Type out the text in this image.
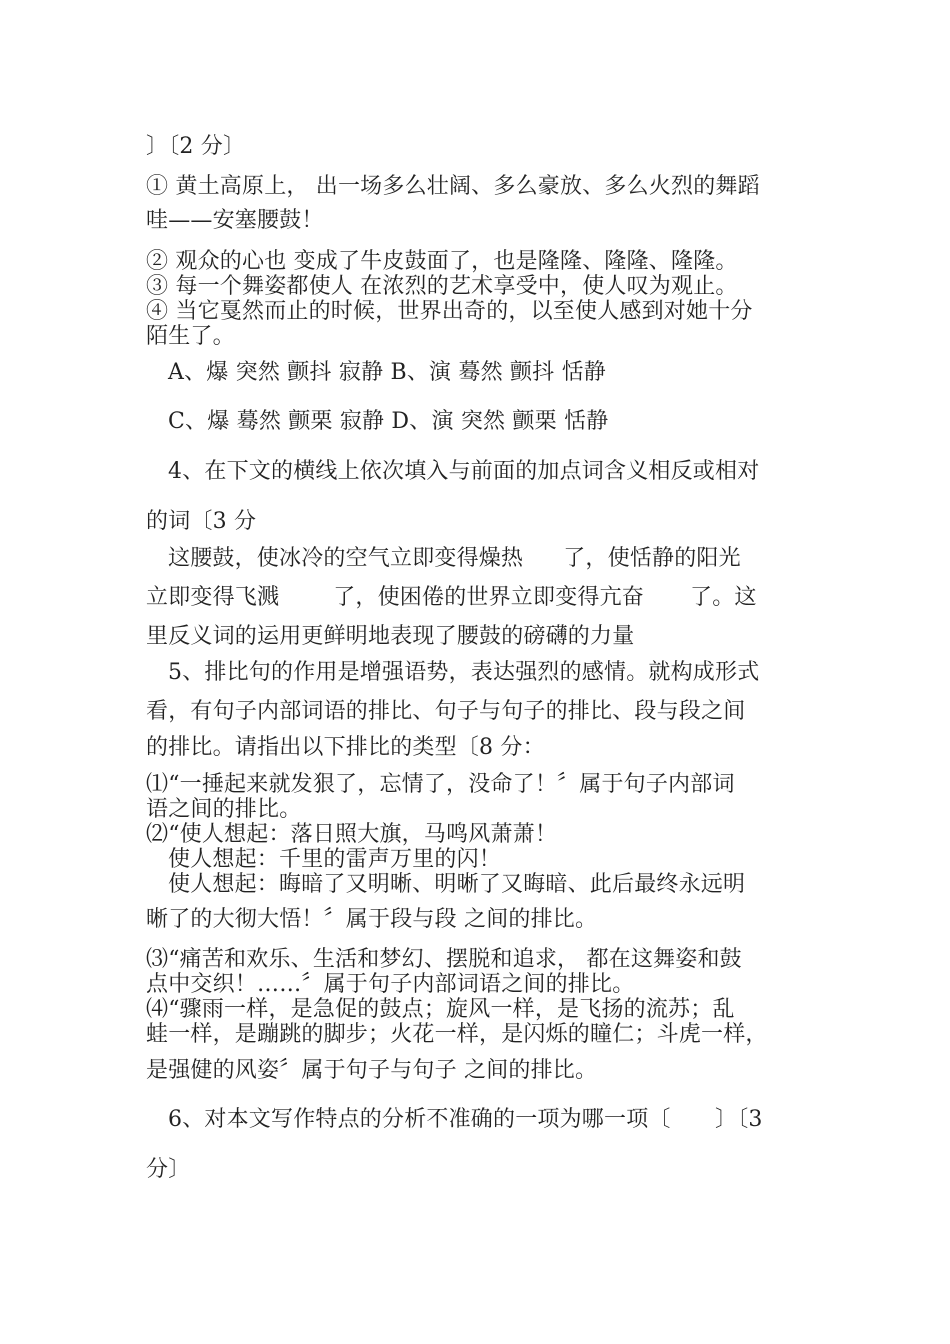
〕〔2 分〕
① 黄土高原上， 出一场多么壮阔、多么豪放、多么火烈的舞蹈
哇——安塞腰鼓！
② 观众的心也 变成了牛皮鼓面了，也是隆隆、隆隆、隆隆。
③ 每一个舞姿都使人 在浓烈的艺术享受中，使人叹为观止。
④ 当它戛然而止的时候，世界出奇的，以至使人感到对她十分
陌生了。
A、爆 突然 颤抖 寂静 B、演 蓦然 颤抖 恬静
C、爆 蓦然 颤栗 寂静 D、演 突然 颤栗 恬静
4、在下文的横线上依次填入与前面的加点词含义相反或相对
的词〔3 分
这腰鼓，使冰冷的空气立即变得燥热 了，使恬静的阳光
立即变得飞溅 了，使困倦的世界立即变得亢奋 了。这
里反义词的运用更鲜明地表现了腰鼓的磅礴的力量
5、排比句的作用是增强语势，表达强烈的感情。就构成形式
看，有句子内部词语的排比、句子与句子的排比、段与段之间
的排比。请指出以下排比的类型〔8 分：
⑴“一捶起来就发狠了，忘情了，没命了！〞属于句子内部词
语之间的排比。
⑵“使人想起：落日照大旗，马鸣风萧萧！
使人想起：千里的雷声万里的闪！
使人想起：晦暗了又明晰、明晰了又晦暗、此后最终永远明
晰了的大彻大悟！〞属于段与段 之间的排比。
⑶“痛苦和欢乐、生活和梦幻、摆脱和追求， 都在这舞姿和鼓
点中交织！……〞属于句子内部词语之间的排比。
⑷“骤雨一样，是急促的鼓点；旋风一样，是飞扬的流苏；乱
蛙一样，是蹦跳的脚步；火花一样，是闪烁的瞳仁；斗虎一样，
是强健的风姿〞属于句子与句子 之间的排比。
6、对本文写作特点的分析不准确的一项为哪一项〔　　〕〔3
分〕
